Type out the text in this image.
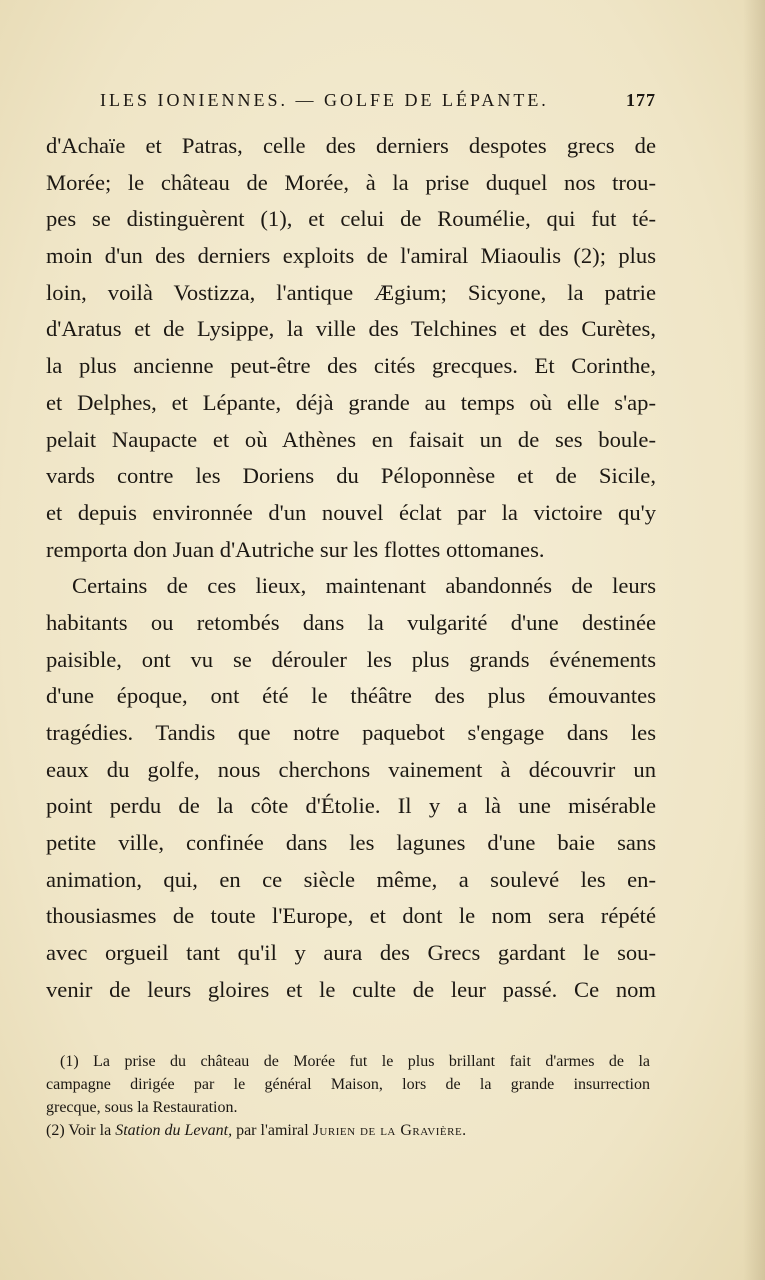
ILES IONIENNES. — GOLFE DE LÉPANTE.	177
d'Achaïe et Patras, celle des derniers despotes grecs de
Morée; le château de Morée, à la prise duquel nos trou-
pes se distinguèrent (1), et celui de Roumélie, qui fut té-
moin d'un des derniers exploits de l'amiral Miaoulis (2); plus
loin, voilà Vostizza, l'antique Ægium; Sicyone, la patrie
d'Aratus et de Lysippe, la ville des Telchines et des Curètes,
la plus ancienne peut-être des cités grecques. Et Corinthe,
et Delphes, et Lépante, déjà grande au temps où elle s'ap-
pelait Naupacte et où Athènes en faisait un de ses boule-
vards contre les Doriens du Péloponnèse et de Sicile,
et depuis environnée d'un nouvel éclat par la victoire qu'y
remporta don Juan d'Autriche sur les flottes ottomanes.
Certains de ces lieux, maintenant abandonnés de leurs
habitants ou retombés dans la vulgarité d'une destinée
paisible, ont vu se dérouler les plus grands événements
d'une époque, ont été le théâtre des plus émouvantes
tragédies. Tandis que notre paquebot s'engage dans les
eaux du golfe, nous cherchons vainement à découvrir un
point perdu de la côte d'Étolie. Il y a là une misérable
petite ville, confinée dans les lagunes d'une baie sans
animation, qui, en ce siècle même, a soulevé les en-
thousiasmes de toute l'Europe, et dont le nom sera répété
avec orgueil tant qu'il y aura des Grecs gardant le sou-
venir de leurs gloires et le culte de leur passé. Ce nom
(1) La prise du château de Morée fut le plus brillant fait d'armes de la
campagne dirigée par le général Maison, lors de la grande insurrection
grecque, sous la Restauration.
(2) Voir la Station du Levant, par l'amiral Jurien de la Gravière.
